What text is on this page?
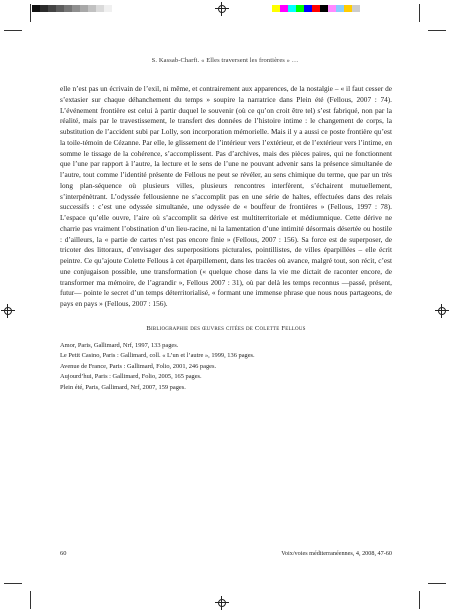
S. Kassab-Charfi. « Elles traversent les frontières » …

elle n’est pas un écrivain de l’exil, ni même, et contrairement aux apparences, de la nostalgie – « il faut cesser de s’extasier sur chaque déhanchement du temps » soupire la narratrice dans Plein été (Fellous, 2007 : 74). L’événement frontière est celui à partir duquel le souvenir (où ce qu’on croit être tel) s’est fabriqué, non par la réalité, mais par le travestissement, le transfert des données de l’histoire intime : le changement de corps, la substitution de l’accident subi par Lolly, son incorporation mémorielle. Mais il y a aussi ce poste frontière qu’est la toile-témoin de Cézanne. Par elle, le glissement de l’intérieur vers l’extérieur, et de l’extérieur vers l’intime, en somme le tissage de la cohérence, s’accomplissent. Pas d’archives, mais des pièces paires, qui ne fonctionnent que l’une par rapport à l’autre, la lecture et le sens de l’une ne pouvant advenir sans la présence simultanée de l’autre, tout comme l’identité présente de Fellous ne peut se révéler, au sens chimique du terme, que par un très long plan-séquence où plusieurs villes, plusieurs rencontres interfèrent, s’échairent mutuellement, s’interpénètrant. L’odyssée fellousienne ne s’accomplit pas en une série de haltes, effectuées dans des relais successifs : c’est une odyssée simultanée, une odyssée de « bouffeur de frontières » (Fellous, 1997 : 78). L’espace qu’elle ouvre, l’aire où s’accomplit sa dérive est multiterritoriale et médiumnique. Cette dérive ne charrie pas vraiment l’obstination d’un lieu-racine, ni la lamentation d’une intimité désormais désertée ou hostile : d’ailleurs, la « partie de cartes n’est pas encore finie » (Fellous, 2007 : 156). Sa force est de superposer, de tricoter des littoraux, d’envisager des superpositions picturales, pointillistes, de villes éparpillées – elle écrit peintre. Ce qu’ajoute Colette Fellous à cet éparpillement, dans les tracées où avance, malgré tout, son récit, c’est une conjugaison possible, une transformation (« quelque chose dans la vie me dictait de raconter encore, de transformer ma mémoire, de l’agrandir », Fellous 2007 : 31), où par delà les temps reconnus —passé, présent, futur— pointe le secret d’un temps déterritorialisé, « formant une immense phrase que nous nous partageons, de pays en pays » (Fellous, 2007 : 156).

Bibliographie des œuvres citées de Colette Fellous
Amor, Paris, Gallimard, Nrf, 1997, 133 pages.
Le Petit Casino, Paris : Gallimard, coll. « L’un et l’autre », 1999, 136 pages.
Avenue de France, Paris : Gallimard, Folio, 2001, 246 pages.
Aujourd’hui, Paris : Gallimard, Folio, 2005, 165 pages.
Plein été, Paris, Gallimard, Nrf, 2007, 159 pages.
60	Voix/voies méditerranéennes, 4, 2008, 47-60
